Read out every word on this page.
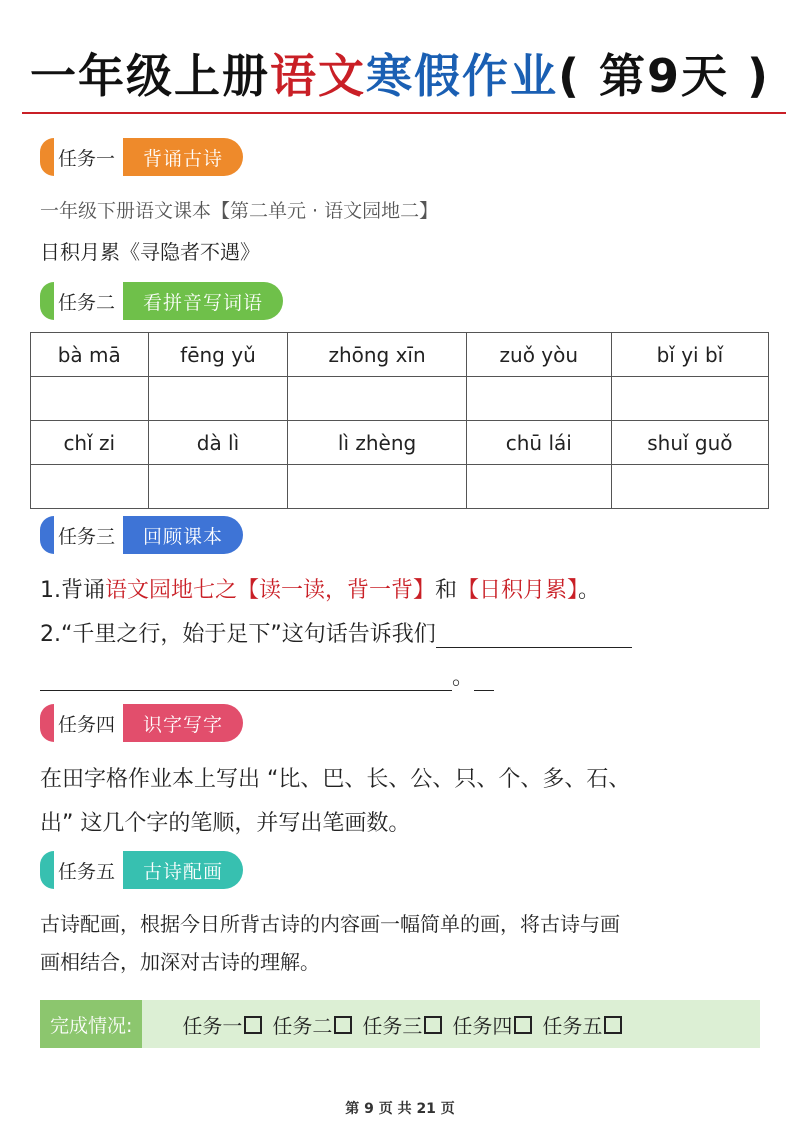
一年级上册语文寒假作业( 第9天 )
任务一	背诵古诗
一年级下册语文课本【第二单元 · 语文园地二】
日积月累《寻隐者不遇》
任务二	看拼音写词语
bà mā	fēng yǔ	zhōng xīn	zuǒ yòu	bǐ yi bǐ

chǐ zi	dà lì	lì zhèng	chū lái	shuǐ guǒ

任务三	回顾课本
1.背诵语文园地七之【读一读，背一背】和【日积月累】。
2.“千里之行，始于足下”这句话告诉我们
。
任务四	识字写字
在田字格作业本上写出 “比、巴、长、公、只、个、多、石、
出” 这几个字的笔顺，并写出笔画数。
任务五	古诗配画
古诗配画，根据今日所背古诗的内容画一幅简单的画，将古诗与画
画相结合，加深对古诗的理解。
完成情况:	任务一	任务二	任务三	任务四	任务五
第 9 页 共 21 页
